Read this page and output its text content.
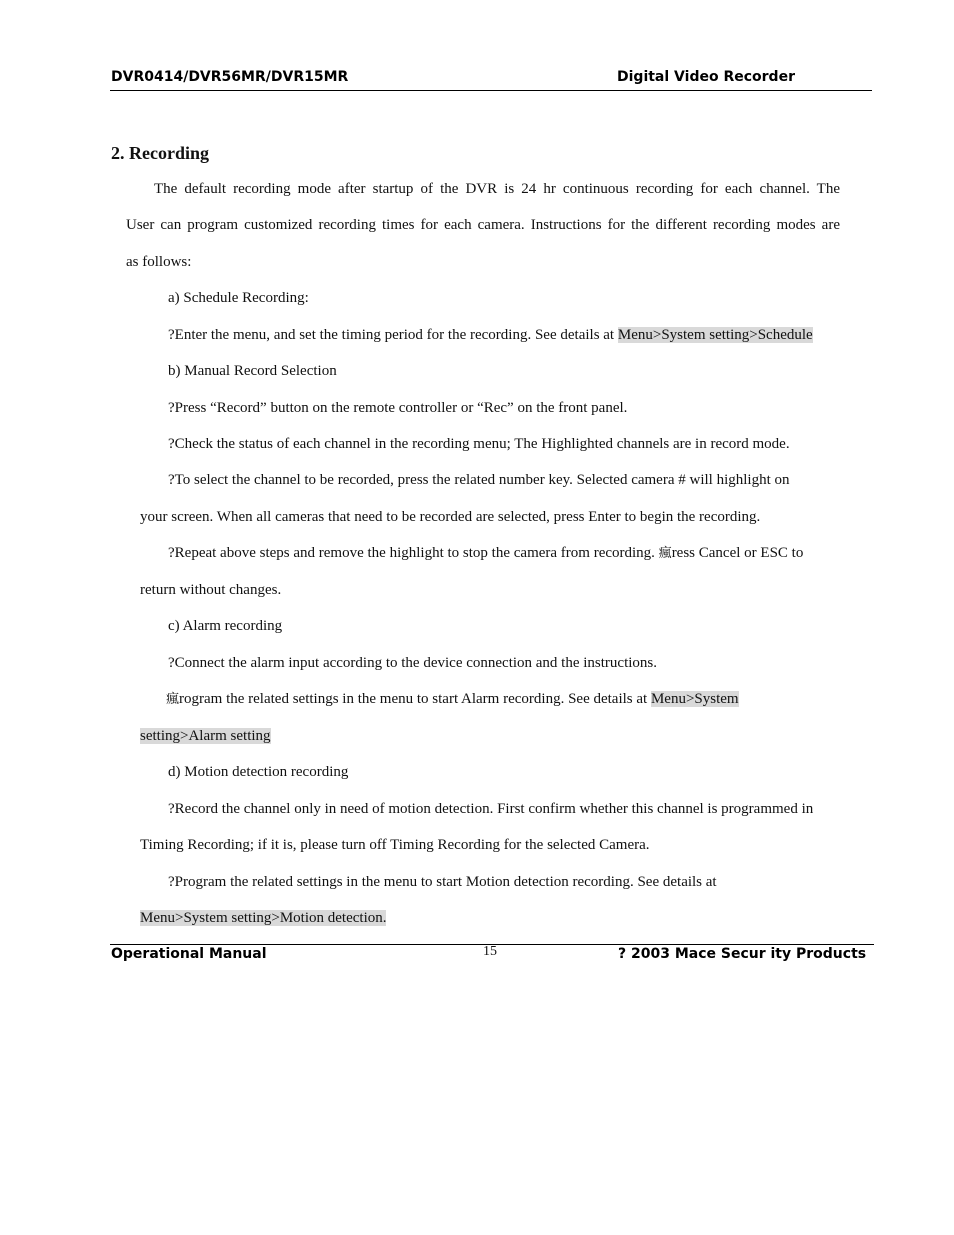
DVR0414/DVR56MR/DVR15MR	Digital Video Recorder
2. Recording
The default recording mode after startup of the DVR is 24 hr continuous recording for each channel. The
User can program customized recording times for each camera. Instructions for the different recording modes are
as follows:
a) Schedule Recording:
?Enter the menu, and set the timing period for the recording. See details at Menu>System setting>Schedule
b) Manual Record Selection
?Press “Record” button on the remote controller or “Rec” on the front panel.
?Check the status of each channel in the recording menu; The Highlighted channels are in record mode.
?To select the channel to be recorded, press the related number key. Selected camera # will highlight on
your screen. When all cameras that need to be recorded are selected, press Enter to begin the recording.
?Repeat above steps and remove the highlight to stop the camera from recording. 瘋ress Cancel or ESC to
return without changes.
c) Alarm recording
?Connect the alarm input according to the device connection and the instructions.
瘋rogram the related settings in the menu to start Alarm recording. See details at Menu>System
setting>Alarm setting
d) Motion detection recording
?Record the channel only in need of motion detection. First confirm whether this channel is programmed in
Timing Recording; if it is, please turn off Timing Recording for the selected Camera.
?Program the related settings in the menu to start Motion detection recording. See details at
Menu>System setting>Motion detection.
Operational Manual	15	? 2003 Mace Secur ity Products
